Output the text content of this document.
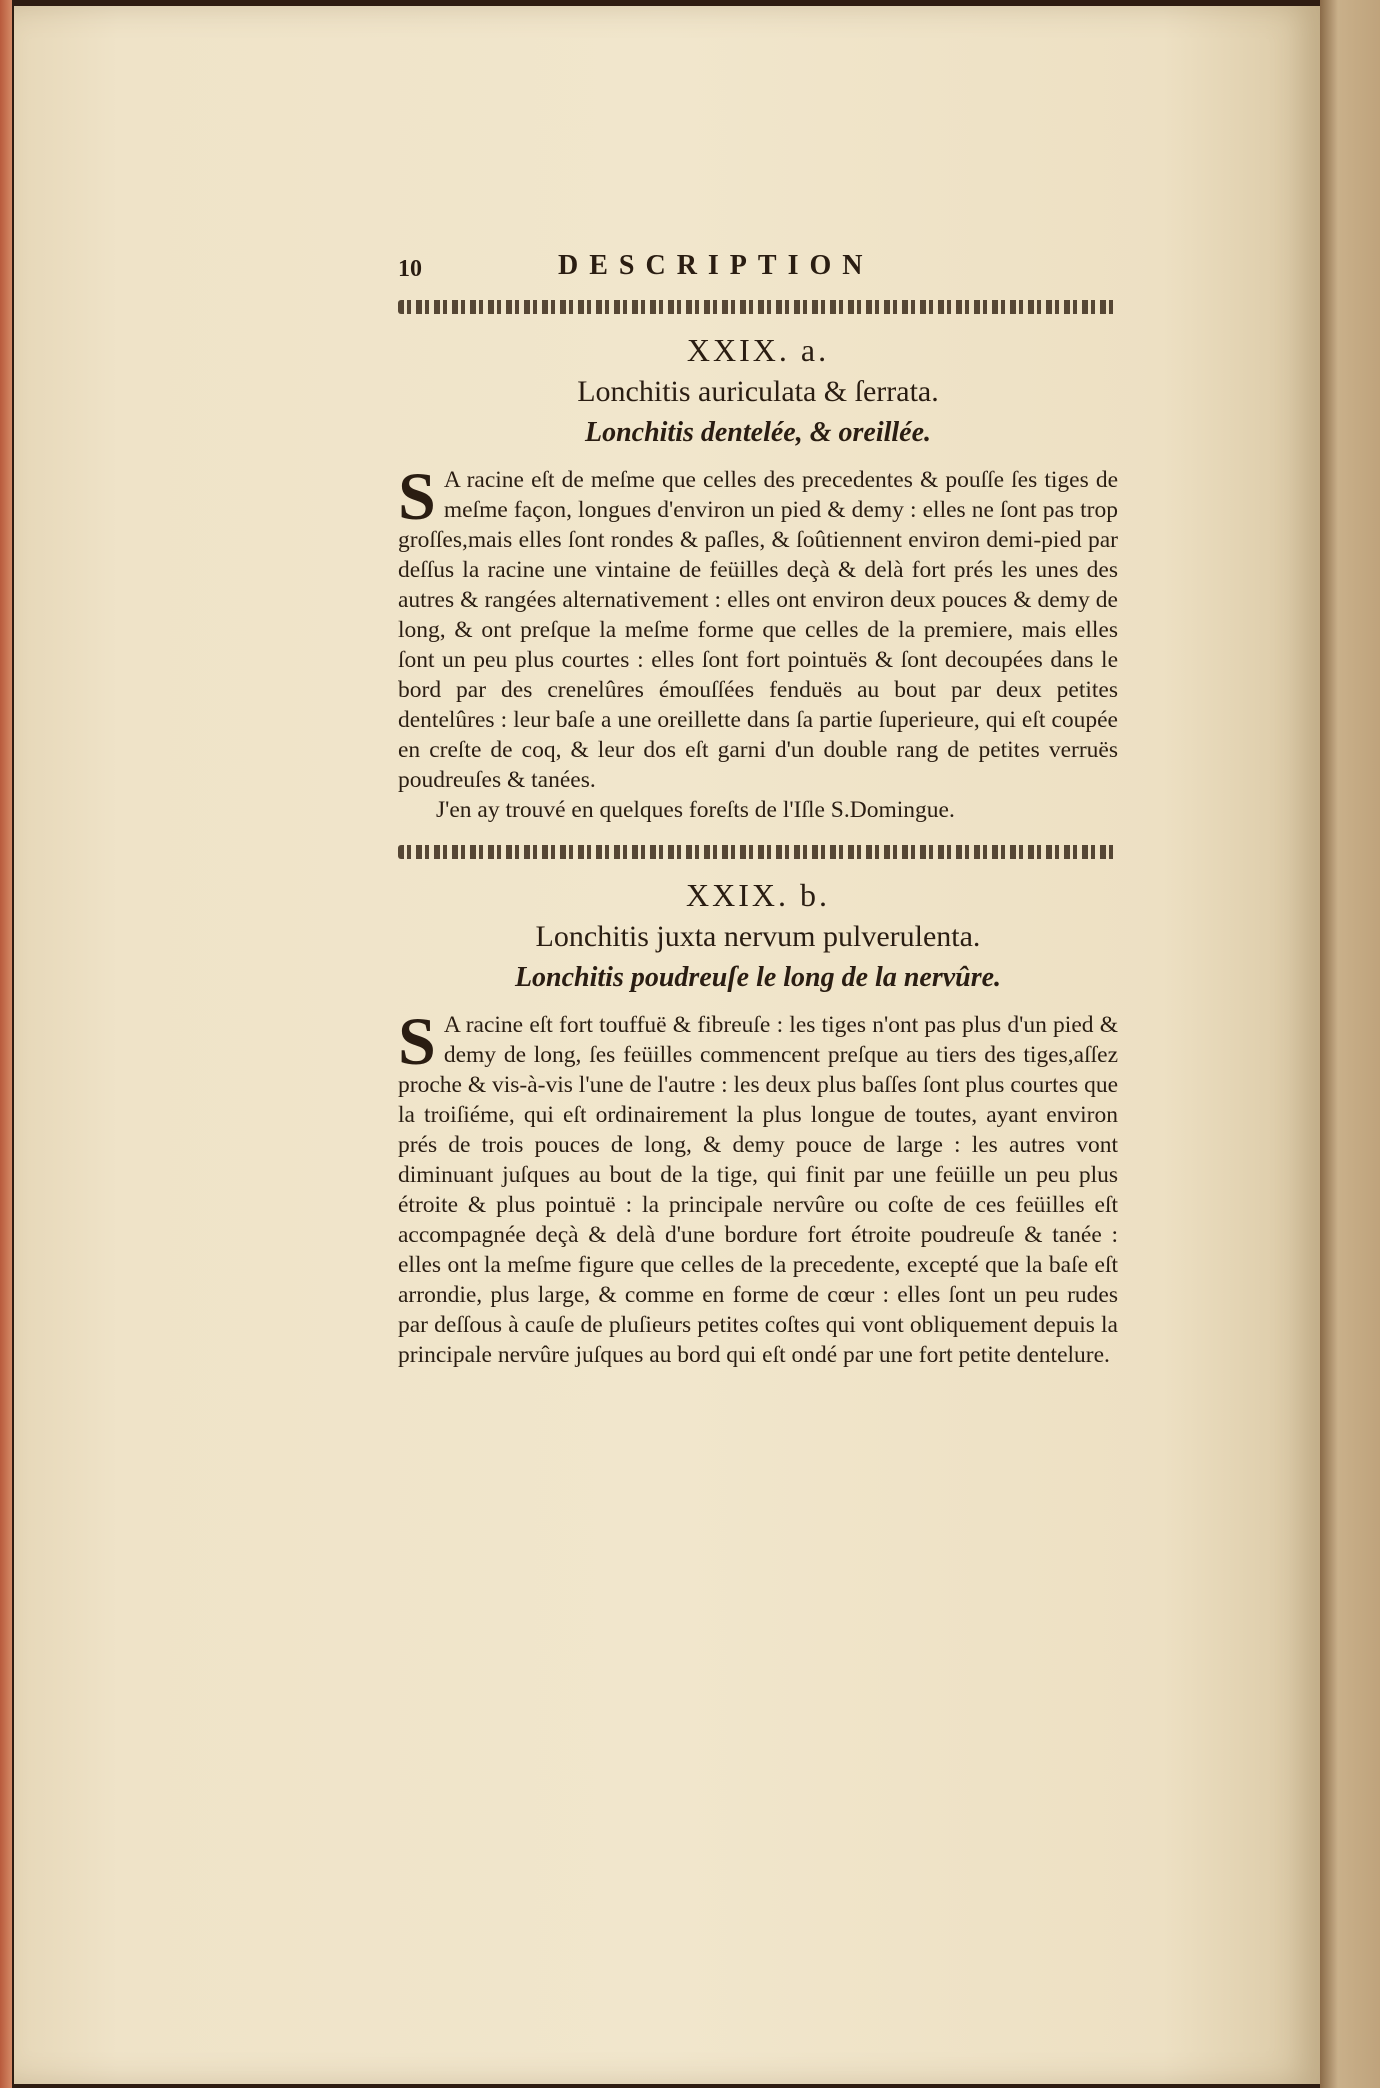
10	DESCRIPTION
XXIX. a.
Lonchitis auriculata & ſerrata.
Lonchitis dentelée, & oreillée.

S A racine eſt de meſme que celles des precedentes & pouſſe ſes tiges de meſme façon, longues d'environ un pied & demy : elles ne ſont pas trop groſſes,mais elles ſont rondes & paſles, & ſoûtiennent environ demi-pied par deſſus la racine une vintaine de feüilles deçà & delà fort prés les unes des autres & rangées alternativement : elles ont environ deux pouces & demy de long, & ont preſque la meſme forme que celles de la premiere, mais elles ſont un peu plus courtes : elles ſont fort pointuës & ſont decoupées dans le bord par des crenelûres émouſſées fenduës au bout par deux petites dentelûres : leur baſe a une oreillette dans ſa partie ſuperieure, qui eſt coupée en creſte de coq, & leur dos eſt garni d'un double rang de petites verruës poudreuſes & tanées.

J'en ay trouvé en quelques foreſts de l'Iſle S.Domingue.

XXIX. b.
Lonchitis juxta nervum pulverulenta.
Lonchitis poudreuſe le long de la nervûre.

S A racine eſt fort touffuë & fibreuſe : les tiges n'ont pas plus d'un pied & demy de long, ſes feüilles commencent preſque au tiers des tiges,aſſez proche & vis-à-vis l'une de l'autre : les deux plus baſſes ſont plus courtes que la troiſiéme, qui eſt ordinairement la plus longue de toutes, ayant environ prés de trois pouces de long, & demy pouce de large : les autres vont diminuant juſques au bout de la tige, qui finit par une feüille un peu plus étroite & plus pointuë : la principale nervûre ou coſte de ces feüilles eſt accompagnée deçà & delà d'une bordure fort étroite poudreuſe & tanée : elles ont la meſme figure que celles de la precedente, excepté que la baſe eſt arrondie, plus large, & comme en forme de cœur : elles ſont un peu rudes par deſſous à cauſe de pluſieurs petites coſtes qui vont obliquement depuis la principale nervûre juſques au bord qui eſt ondé par une fort petite dentelure.
